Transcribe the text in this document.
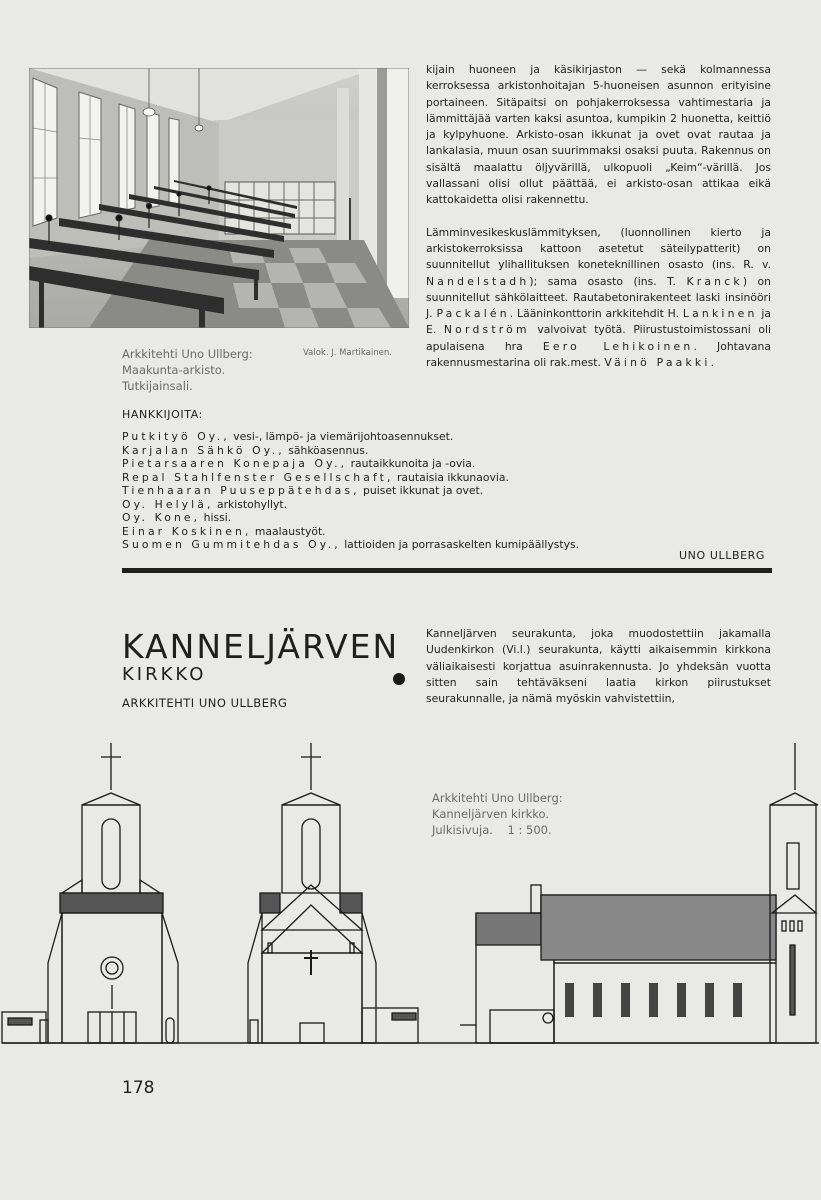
Arkkitehti Uno Ullberg:
Maakunta-arkisto.
Tutkijainsali.
Valok. J. Martikainen.

kijain huoneen ja käsikirjaston — sekä kolmannessa kerroksessa arkistonhoitajan 5-huoneisen asunnon erityisine portaineen. Sitäpaitsi on pohjakerroksessa vahtimestaria ja lämmittäjää varten kaksi asuntoa, kumpikin 2 huonetta, keittiö ja kylpyhuone. Arkisto-osan ikkunat ja ovet ovat rautaa ja lankalasia, muun osan suurimmaksi osaksi puuta. Rakennus on sisältä maalattu öljyvärillä, ulkopuoli „Keim“-värillä. Jos vallassani olisi ollut päättää, ei arkisto-osan attikaa eikä kattokaidetta olisi rakennettu.

Lämminvesikeskuslämmityksen, (luonnollinen kierto ja arkistokerroksissa kattoon asetetut säteilypatterit) on suunnitellut ylihallituksen koneteknillinen osasto (ins. R. v. Nandelstadh); sama osasto (ins. T. Kranck) on suunnitellut sähkölaitteet. Rautabetonirakenteet laski insinööri J. Packalén. Lääninkonttorin arkkitehdit H. Lankinen ja E. Nordström valvoivat työtä. Piirustustoimistossani oli apulaisena hra Eero Lehikoinen. Johtavana rakennusmestarina oli rak.mest. Väinö Paakki.

HANKKIJOITA:
Putkityö Oy., vesi-, lämpö- ja viemärijohtoasennukset.
Karjalan Sähkö Oy., sähköasennus.
Pietarsaaren Konepaja Oy., rautaikkunoita ja -ovia.
Repal Stahlfenster Gesellschaft, rautaisia ikkunaovia.
Tienhaaran Puuseppätehdas, puiset ikkunat ja ovet.
Oy. Helylä, arkistohyllyt.
Oy. Kone, hissi.
Einar Koskinen, maalaustyöt.
Suomen Gummitehdas Oy., lattioiden ja porrasaskelten kumipäällystys.
UNO ULLBERG
KANNELJÄRVEN
KIRKKO
ARKKITEHTI UNO ULLBERG
Kanneljärven seurakunta, joka muodostettiin jakamalla Uudenkirkon (Vi.l.) seurakunta, käytti aikaisemmin kirkkona väliaikaisesti korjattua asuinrakennusta. Jo yhdeksän vuotta sitten sain tehtäväkseni laatia kirkon piirustukset seurakunnalle, ja nämä myöskin vahvistettiin,
Arkkitehti Uno Ullberg:
Kanneljärven kirkko.
Julkisivuja. 1 : 500.
178
